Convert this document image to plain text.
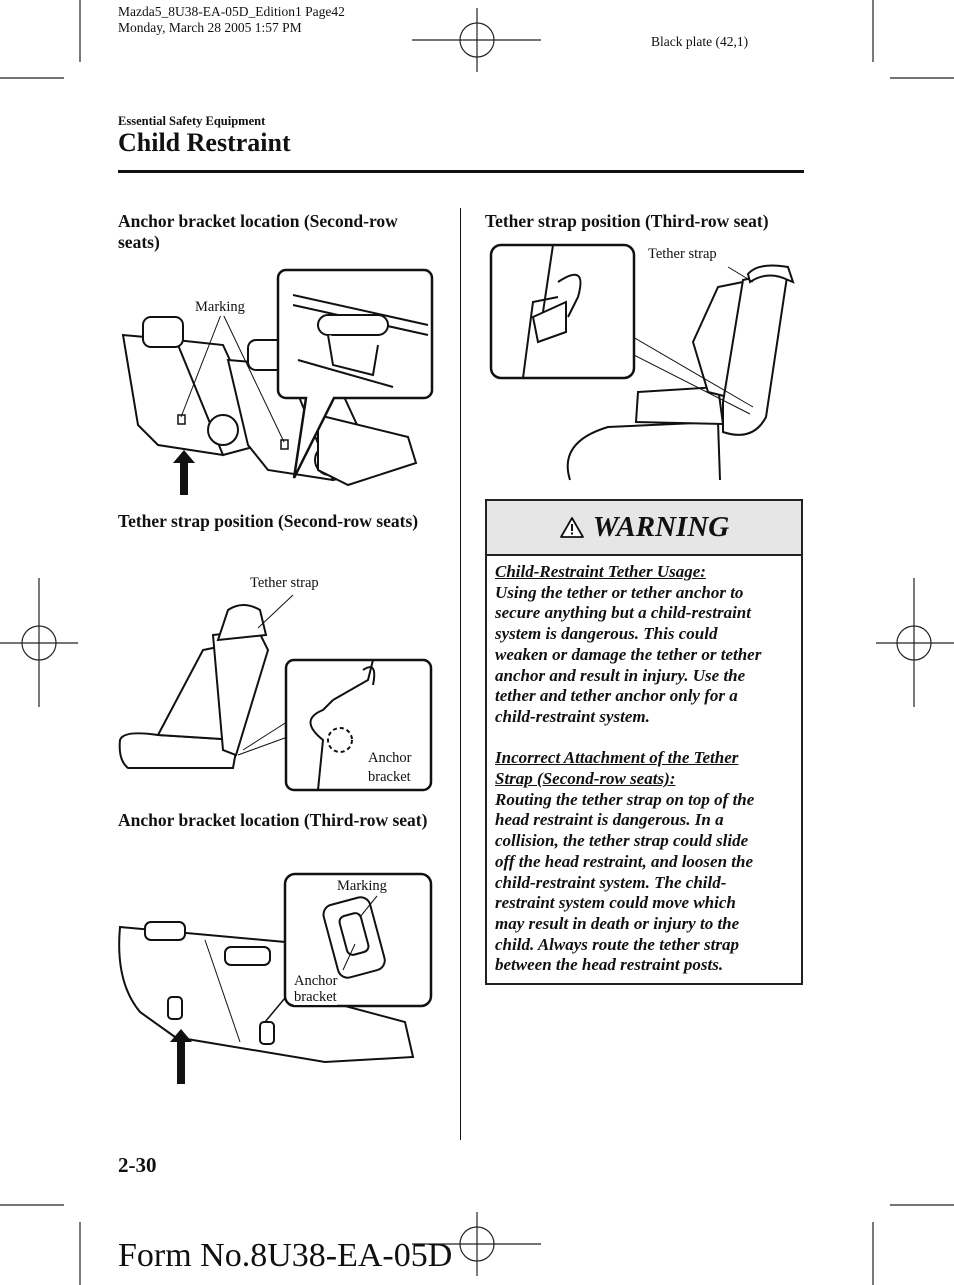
Mazda5_8U38-EA-05D_Edition1 Page42
Monday, March 28 2005 1:57 PM
Black plate (42,1)
Essential Safety Equipment
Child Restraint
Anchor bracket location (Second-row seats)
Marking
Tether strap position (Second-row seats)
Tether strap
Anchor
bracket
Anchor bracket location (Third-row seat)
Marking
Anchor
bracket
Tether strap position (Third-row seat)
Tether strap
WARNING

Child-Restraint Tether Usage:

Using the tether or tether anchor to

secure anything but a child-restraint

system is dangerous. This could

weaken or damage the tether or tether

anchor and result in injury. Use the

tether and tether anchor only for a

child-restraint system.

Incorrect Attachment of the Tether

Strap (Second-row seats):

Routing the tether strap on top of the

head restraint is dangerous. In a

collision, the tether strap could slide

off the head restraint, and loosen the

child-restraint system. The child-

restraint system could move which

may result in death or injury to the

child. Always route the tether strap

between the head restraint posts.

2-30
Form No.8U38-EA-05D
